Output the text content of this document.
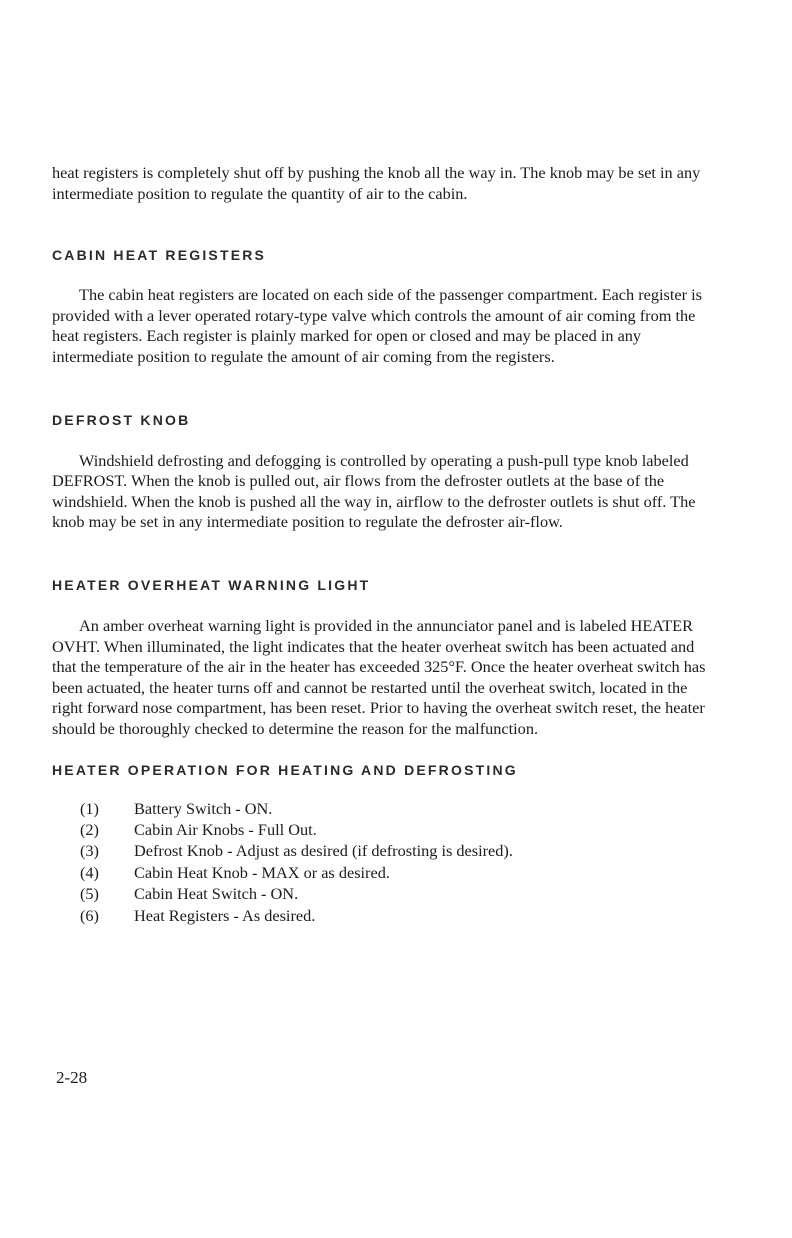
heat registers is completely shut off by pushing the knob all the way in. The knob may be set in any intermediate position to regulate the quantity of air to the cabin.

CABIN HEAT REGISTERS

The cabin heat registers are located on each side of the passenger compartment. Each register is provided with a lever operated rotary-type valve which controls the amount of air coming from the heat registers. Each register is plainly marked for open or closed and may be placed in any intermediate position to regulate the amount of air coming from the registers.

DEFROST KNOB

Windshield defrosting and defogging is controlled by operating a push-pull type knob labeled DEFROST. When the knob is pulled out, air flows from the defroster outlets at the base of the windshield. When the knob is pushed all the way in, airflow to the defroster outlets is shut off. The knob may be set in any intermediate position to regulate the defroster air-flow.

HEATER OVERHEAT WARNING LIGHT

An amber overheat warning light is provided in the annunciator panel and is labeled HEATER OVHT. When illuminated, the light indicates that the heater overheat switch has been actuated and that the temperature of the air in the heater has exceeded 325°F. Once the heater overheat switch has been actuated, the heater turns off and cannot be restarted until the overheat switch, located in the right forward nose compartment, has been reset. Prior to having the overheat switch reset, the heater should be thoroughly checked to determine the reason for the malfunction.

HEATER OPERATION FOR HEATING AND DEFROSTING
(1)	Battery Switch - ON.
(2)	Cabin Air Knobs - Full Out.
(3)	Defrost Knob - Adjust as desired (if defrosting is desired).
(4)	Cabin Heat Knob - MAX or as desired.
(5)	Cabin Heat Switch - ON.
(6)	Heat Registers - As desired.
2-28
